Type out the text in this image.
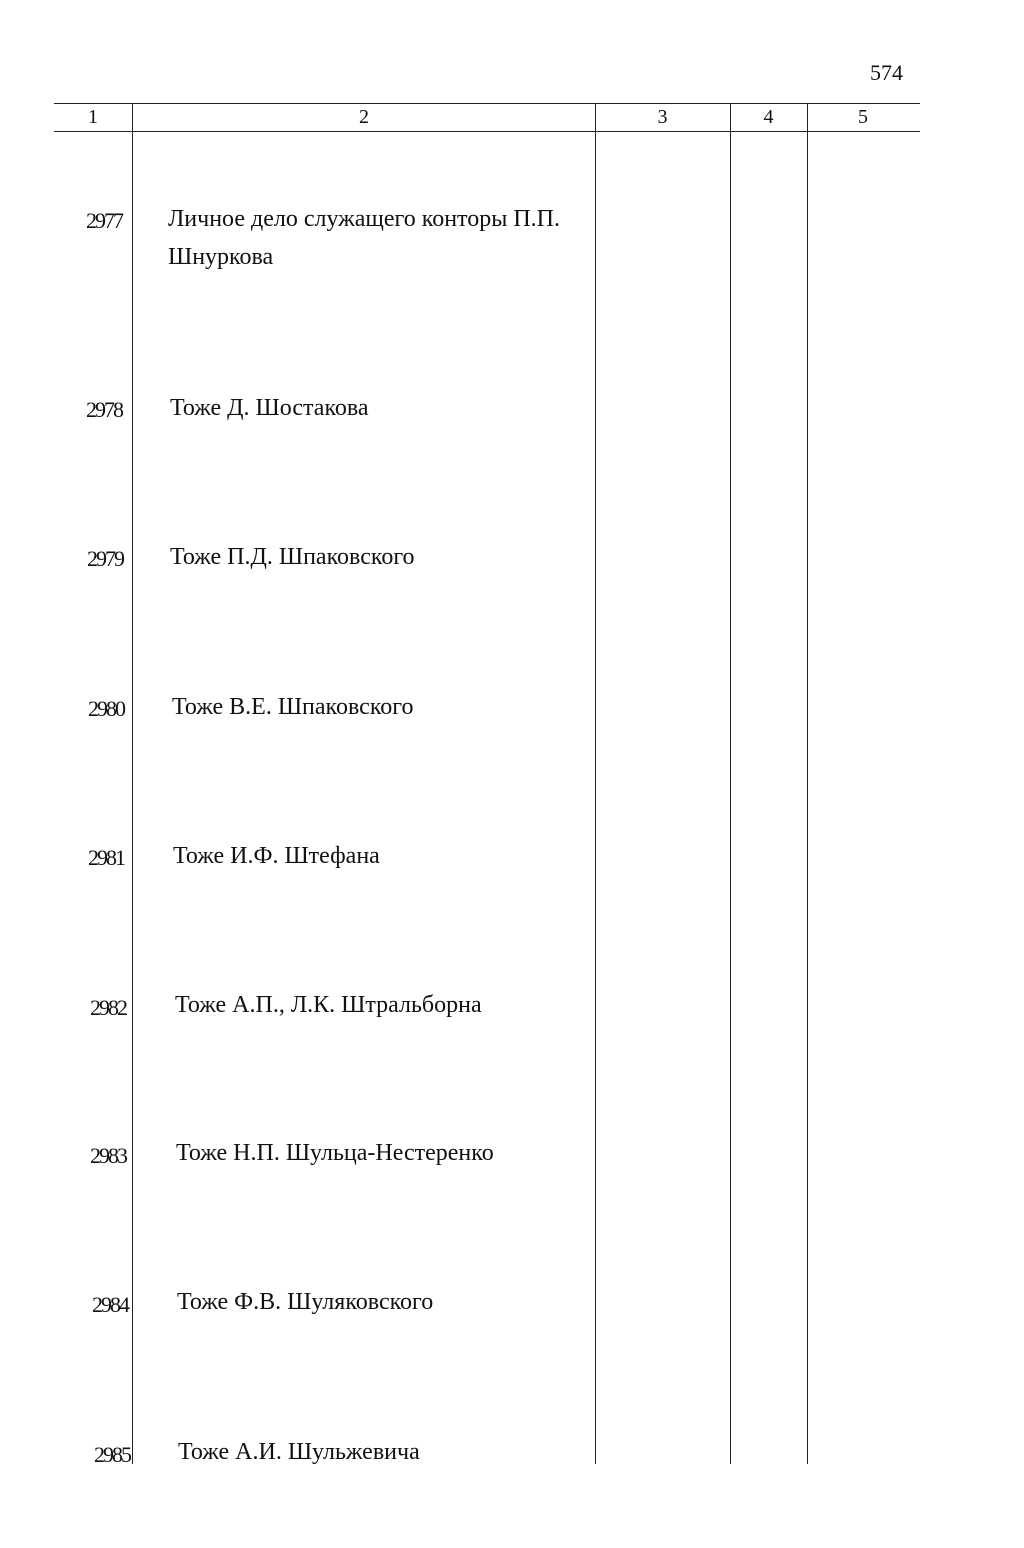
574
1	2	3	4	5
2977 Личное дело служащего конторы П.П. Шнуркова
2978 Тоже Д. Шостакова
2979 Тоже П.Д. Шпаковского
2980 Тоже В.Е. Шпаковского
2981 Тоже И.Ф. Штефана
2982 Тоже А.П., Л.К. Штральборна
2983 Тоже Н.П. Шульца-Нестеренко
2984 Тоже Ф.В. Шуляковского
2985 Тоже А.И. Шульжевича
